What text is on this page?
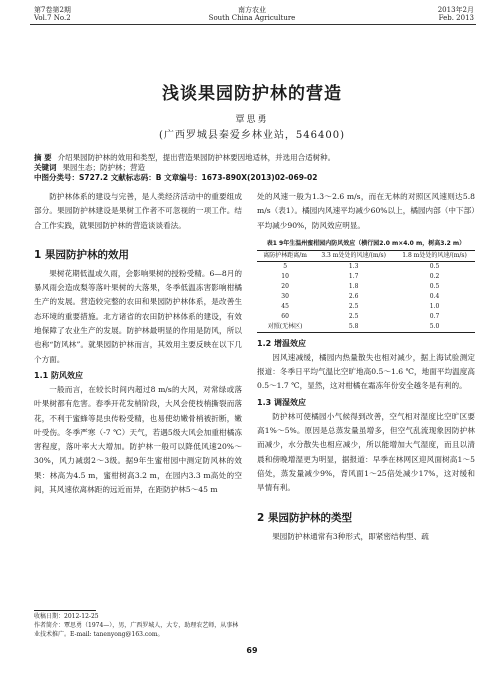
第7卷第2期
Vol.7 No.2
南方农业
South China Agriculture
2013年2月
Feb. 2013
浅谈果园防护林的营造
覃思勇
(广西罗城县秦爱乡林业站，546400)
摘 要 介绍果园防护林的效用和类型，提出营造果园防护林要因地适林，并选用合适树种。
关键词 果园生态；防护林；营造
中图分类号：S727.2 文献标志码：B 文章编号：1673-890X(2013)02-069-02

防护林体系的建设与完善，是人类经济活动中的重要组成部分。果园防护林建设是果树工作者不可忽视的一项工作。结合工作实践，就果园防护林的营造谈谈看法。

1 果园防护林的效用

果树花期低温或久雨，会影响果树的授粉受精。6—8月的暴风雨会造成梨等落叶果树的大落果，冬季低温冻害影响柑橘生产的发展。营造较完整的农田和果园防护林体系，是改善生态环境的重要措施。北方诸省的农田防护林体系的建设，有效地保障了农业生产的发展。防护林最明显的作用是防风，所以也称“防风林”。就果园防护林而言，其效用主要反映在以下几个方面。

1.1 防风效应

一般而言，在较长时间内超过8 m/s的大风，对常绿或落叶果树都有危害。春季开花发梢阶段，大风会使枝梢撕裂而落花，不利于蜜蜂等昆虫传粉受精，也易使幼嫩骨梢被折断，嫩叶受伤。冬季严寒（-7 ℃）天气，若遇5级大风会加重柑橘冻害程度，落叶率大大增加。防护林一般可以降低风速20%～30%，风力减弱2～3级。据9年生蜜柑园中测定防风林的效果：林高为4.5 m，蜜柑树高3.2 m，在园内3.3 m高处的空间，其风速依离林距的远近而异，在距防护林5～45 m

处的风速一般为1.3～2.6 m/s，而在无林的对照区风速则达5.8 m/s（表1）。橘园内风速平均减少60%以上，橘园内部（中下部）平均减少90%，防风效应明显。

表1 9年生温州蜜柑园内防风效应（横行园2.0 m×4.0 m，树高3.2 m）
离防护林距离/m	3.3 m处处的风速/(m/s)	1.8 m处处的风速/(m/s)
5	1.3	0.5
10	1.7	0.2
20	1.8	0.5
30	2.6	0.4
45	2.5	1.0
60	2.5	0.7
对照(无林区)	5.8	5.0
1.2 增温效应

因风速减缓，橘园内热量散失也相对减少，据上海试验测定报道：冬季日平均气温比空旷地高0.5～1.6 ℃，地面平均温度高0.5～1.7 ℃，显然，这对柑橘在霜冻年份安全越冬是有利的。

1.3 调湿效应

防护林可使橘园小气候得到改善，空气相对湿度比空旷区要高1%～5%。原因是总蒸发量虽增多，但空气乱流现象因防护林而减少，水分散失也相应减少，所以能增加大气湿度，而且以清晨和傍晚增湿更为明显，据报道：早季在林网区迎风面树高1～5倍处，蒸发量减少9%，背风面1～25倍处减少17%，这对缓和旱情有利。

2 果园防护林的类型

果园防护林通常有3种形式，即紧密结构型、疏

收稿日期：2012-12-25
作者简介：覃思勇（1974—），男，广西罗城人，大专，助理农艺师，从事林业技术推广。E-mail: tanenyong@163.com。
69
